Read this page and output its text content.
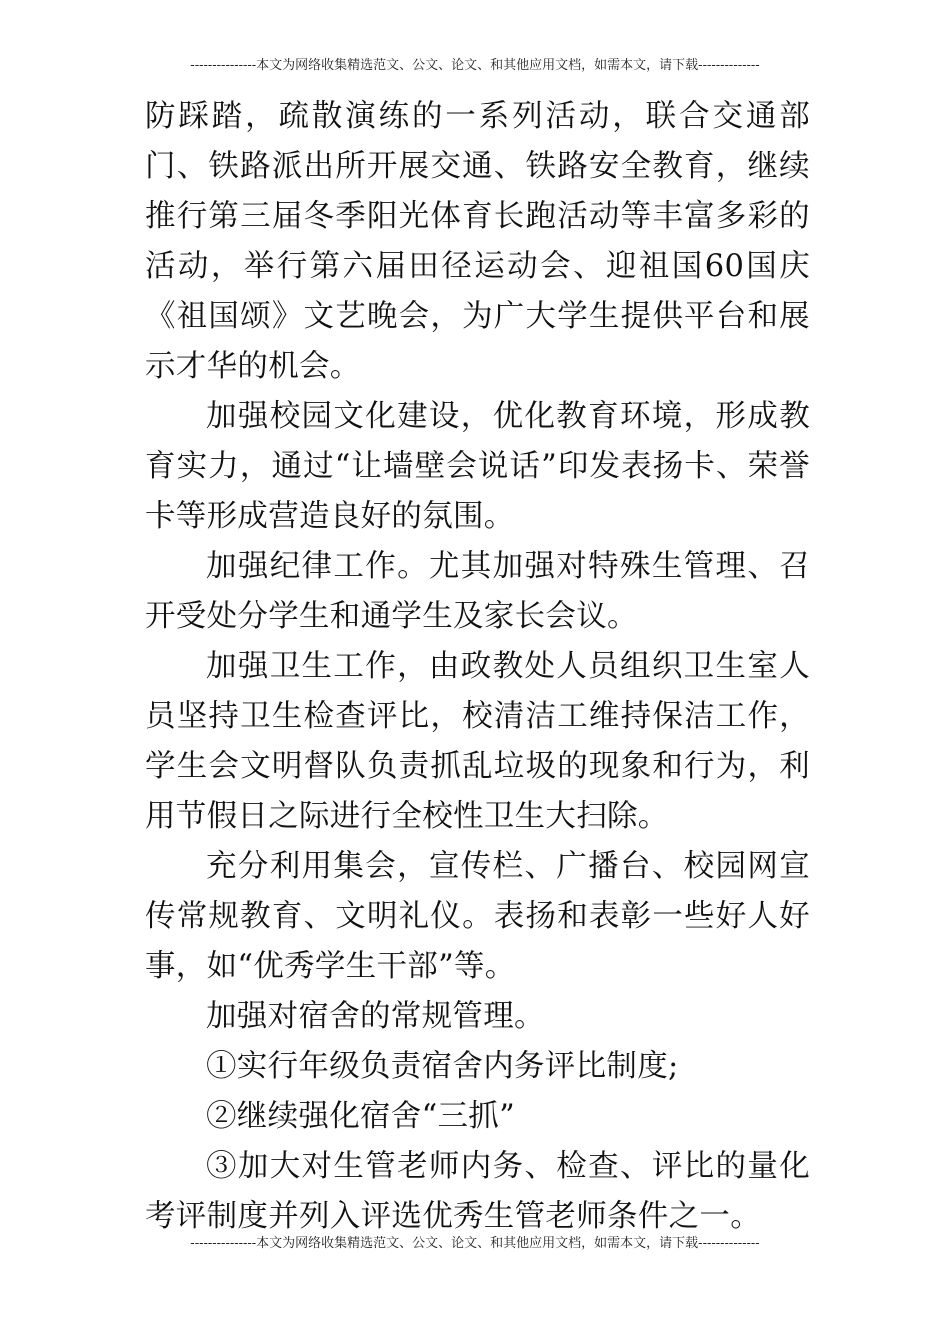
---------------本文为网络收集精选范文、公文、论文、和其他应用文档，如需本文，请下载--------------

防踩踏，疏散演练的一系列活动，联合交通部门、铁路派出所开展交通、铁路安全教育，继续推行第三届冬季阳光体育长跑活动等丰富多彩的活动，举行第六届田径运动会、迎祖国60国庆《祖国颂》文艺晚会，为广大学生提供平台和展示才华的机会。

加强校园文化建设，优化教育环境，形成教育实力，通过“让墙壁会说话”印发表扬卡、荣誉卡等形成营造良好的氛围。

加强纪律工作。尤其加强对特殊生管理、召开受处分学生和通学生及家长会议。

加强卫生工作，由政教处人员组织卫生室人员坚持卫生检查评比，校清洁工维持保洁工作，学生会文明督队负责抓乱垃圾的现象和行为，利用节假日之际进行全校性卫生大扫除。

充分利用集会，宣传栏、广播台、校园网宣传常规教育、文明礼仪。表扬和表彰一些好人好事，如“优秀学生干部”等。

加强对宿舍的常规管理。

①实行年级负责宿舍内务评比制度;

②继续强化宿舍“三抓”

③加大对生管老师内务、检查、评比的量化考评制度并列入评选优秀生管老师条件之一。

---------------本文为网络收集精选范文、公文、论文、和其他应用文档，如需本文，请下载--------------
